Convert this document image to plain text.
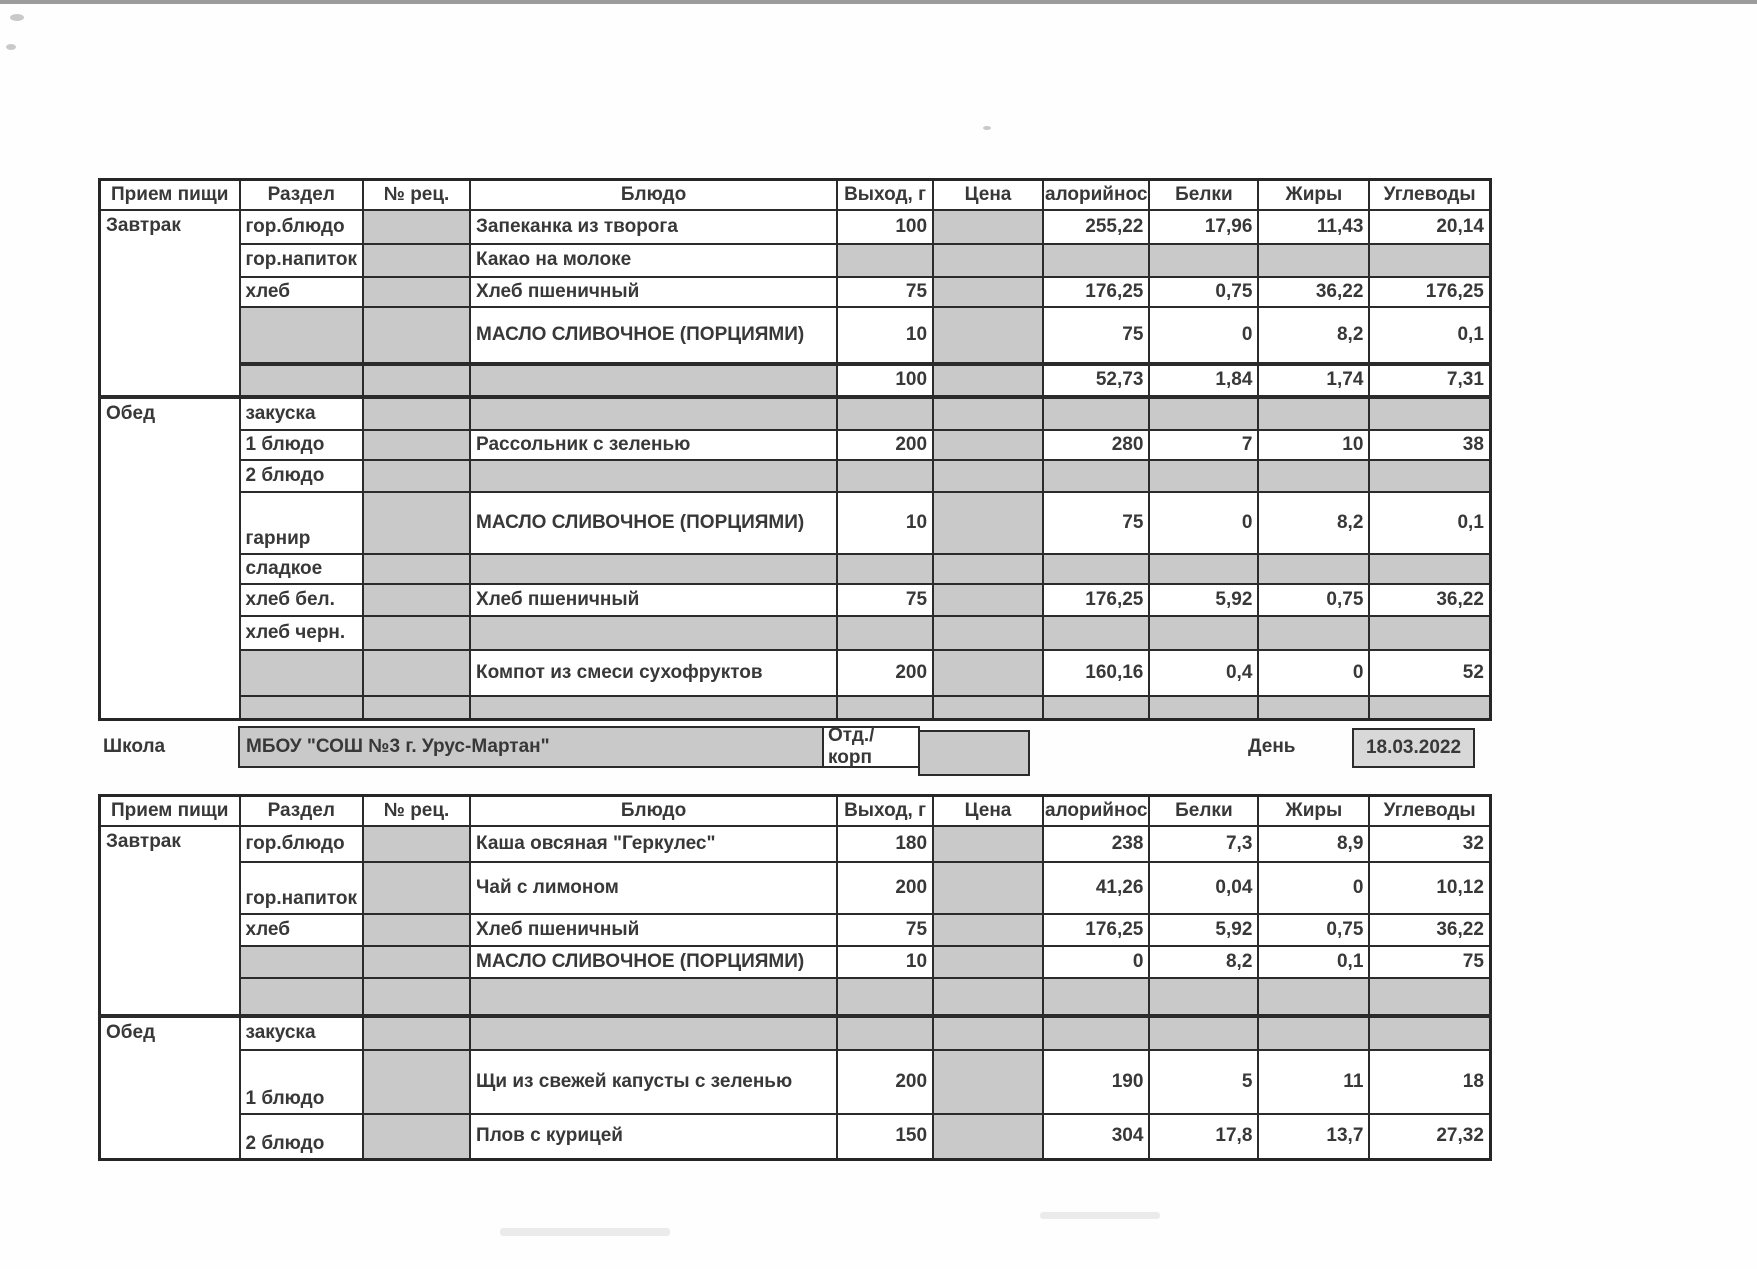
Прием пищи	Раздел	№ рец.	Блюдо	Выход, г	Цена	алорийнос	Белки	Жиры	Углеводы
Завтрак	гор.блюдо		Запеканка из творога	100		255,22	17,96	11,43	20,14
	гор.напиток		Какао на молоке						
	хлеб		Хлеб пшеничный	75		176,25	0,75	36,22	176,25
			МАСЛО СЛИВОЧНОЕ (ПОРЦИЯМИ)	10		75	0	8,2	0,1
				100		52,73	1,84	1,74	7,31
Обед	закуска								
	1 блюдо		Рассольник с зеленью	200		280	7	10	38
	2 блюдо								
	гарнир		МАСЛО СЛИВОЧНОЕ (ПОРЦИЯМИ)	10		75	0	8,2	0,1
	сладкое								
	хлеб бел.		Хлеб пшеничный	75		176,25	5,92	0,75	36,22
	хлеб черн.								
			Компот из смеси сухофруктов	200		160,16	0,4	0	52

Школа	МБОУ "СОШ №3 г. Урус-Мартан"
Отд./корп
День	18.03.2022
Прием пищи	Раздел	№ рец.	Блюдо	Выход, г	Цена	алорийнос	Белки	Жиры	Углеводы
Завтрак	гор.блюдо		Каша овсяная "Геркулес"	180		238	7,3	8,9	32
	гор.напиток		Чай с лимоном	200		41,26	0,04	0	10,12
	хлеб		Хлеб пшеничный	75		176,25	5,92	0,75	36,22
			МАСЛО СЛИВОЧНОЕ (ПОРЦИЯМИ)	10		0	8,2	0,1	75

Обед	закуска								
	1 блюдо		Щи из свежей капусты с зеленью	200		190	5	11	18
	2 блюдо		Плов с курицей	150		304	17,8	13,7	27,32
